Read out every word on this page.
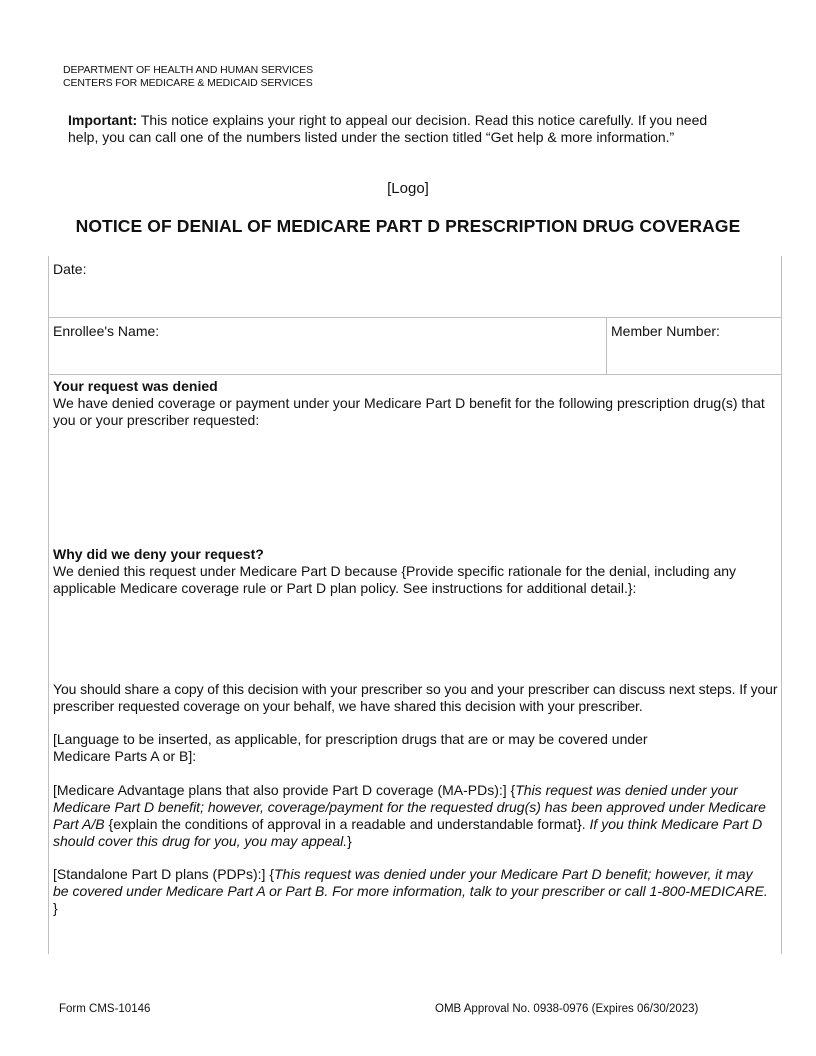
DEPARTMENT OF HEALTH AND HUMAN SERVICES
CENTERS FOR MEDICARE & MEDICAID SERVICES
Important: This notice explains your right to appeal our decision. Read this notice carefully. If you need help, you can call one of the numbers listed under the section titled “Get help & more information.”
[Logo]
NOTICE OF DENIAL OF MEDICARE PART D PRESCRIPTION DRUG COVERAGE
Date:
Enrollee's Name:	Member Number:

Your request was denied

We have denied coverage or payment under your Medicare Part D benefit for the following prescription drug(s) that you or your prescriber requested:

Why did we deny your request?

We denied this request under Medicare Part D because {Provide specific rationale for the denial, including any applicable Medicare coverage rule or Part D plan policy. See instructions for additional detail.}:

You should share a copy of this decision with your prescriber so you and your prescriber can discuss next steps. If your prescriber requested coverage on your behalf, we have shared this decision with your prescriber.

[Language to be inserted, as applicable, for prescription drugs that are or may be covered under Medicare Parts A or B]:

[Medicare Advantage plans that also provide Part D coverage (MA-PDs):] {This request was denied under your Medicare Part D benefit; however, coverage/payment for the requested drug(s) has been approved under Medicare Part A/B {explain the conditions of approval in a readable and understandable format}. If you think Medicare Part D should cover this drug for you, you may appeal.}

[Standalone Part D plans (PDPs):] {This request was denied under your Medicare Part D benefit; however, it may be covered under Medicare Part A or Part B. For more information, talk to your prescriber or call 1-800-MEDICARE. }

Form CMS-10146	OMB Approval No. 0938-0976 (Expires 06/30/2023)
